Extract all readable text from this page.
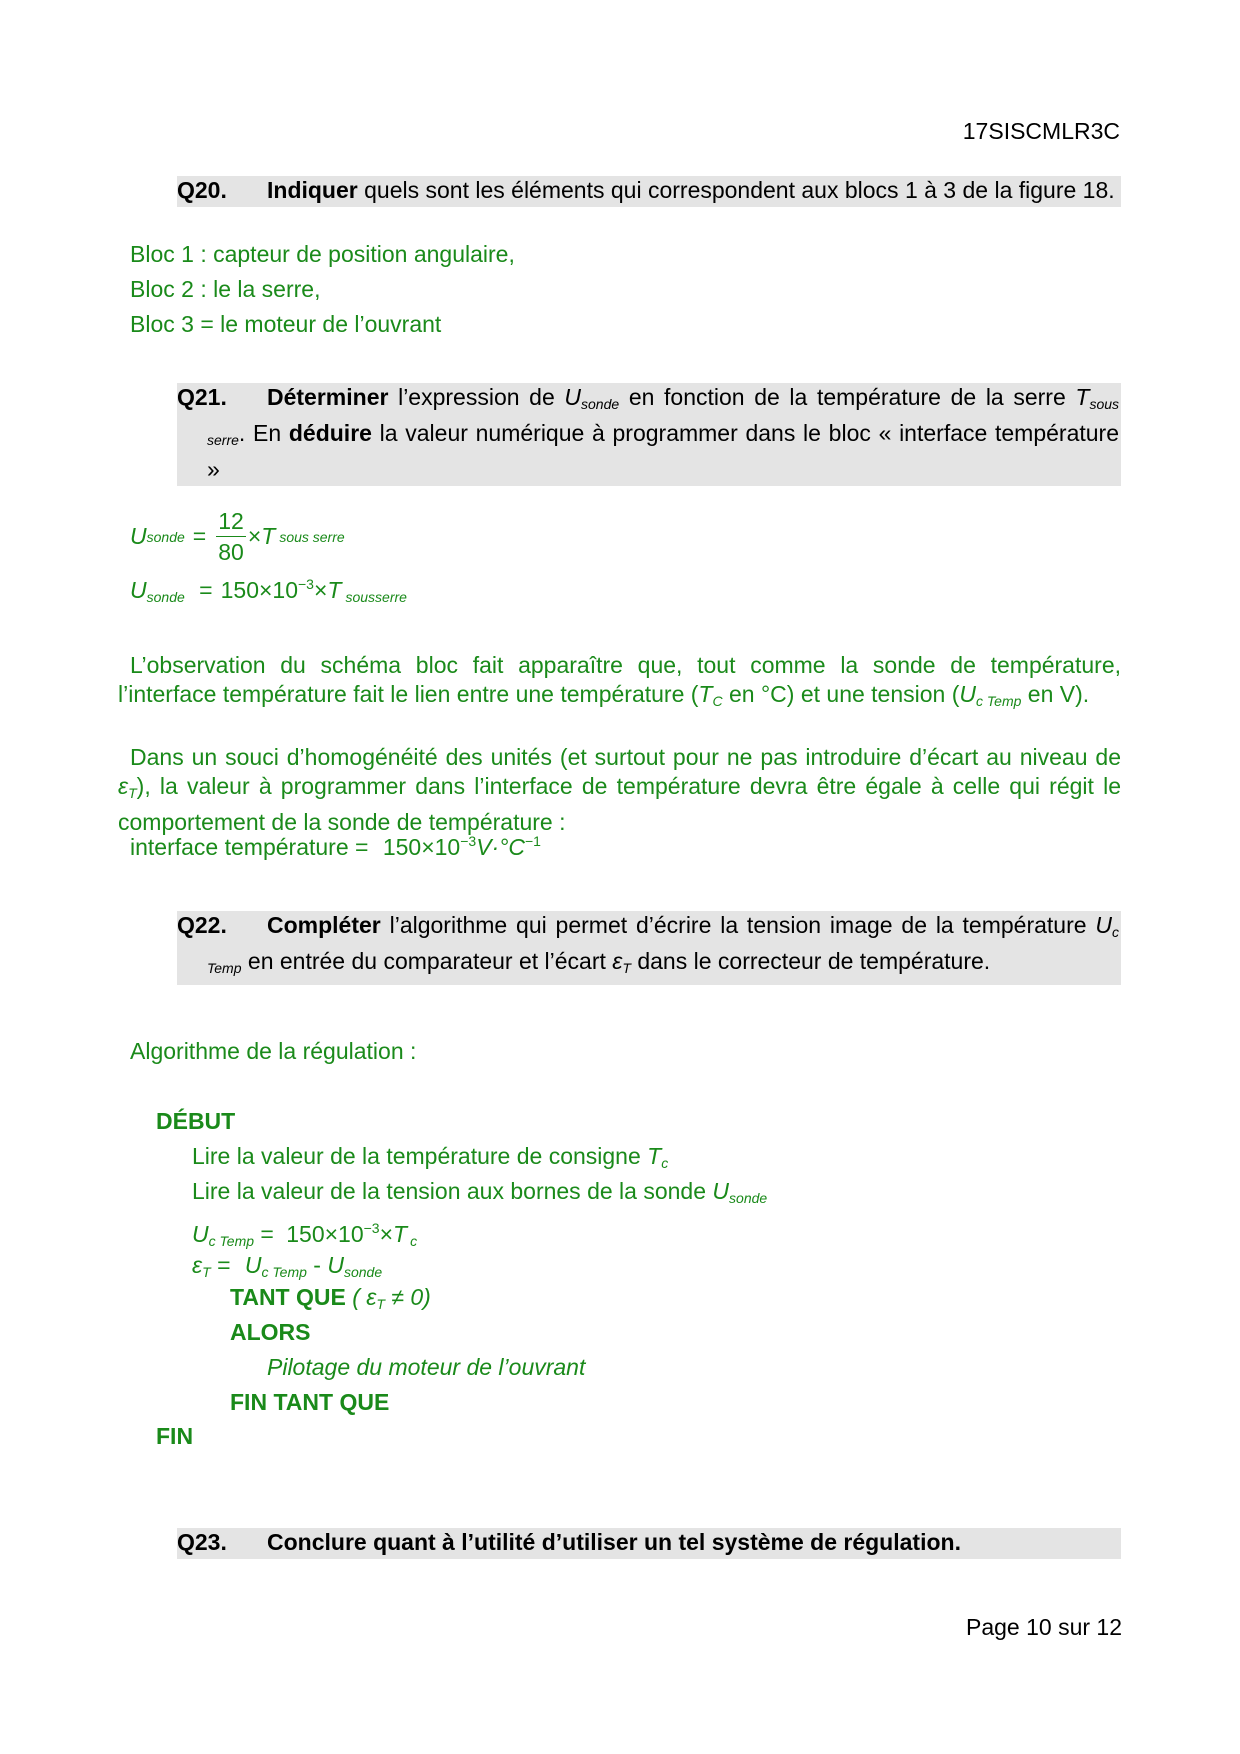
17SISCMLR3C
Q20. Indiquer quels sont les éléments qui correspondent aux blocs 1 à 3 de la figure 18.
Bloc 1 : capteur de position angulaire,
Bloc 2 : le la serre,
Bloc 3 = le moteur de l’ouvrant
Q21. Déterminer l’expression de $U_{sonde}$ en fonction de la température de la serre $T_{sous serre}$. En déduire la valeur numérique à programmer dans le bloc « interface température »
U sonde = $\frac{12}{80} \times T$ sous serre
$U_{sonde} = 150\times 10^{-3}\times T$ $_{sousserre}$
L’observation du schéma bloc fait apparaître que, tout comme la sonde de température, l’interface température fait le lien entre une température ($T_C$ en °C) et une tension ($U_{c Temp}$ en V).
Dans un souci d’homogénéité des unités (et surtout pour ne pas introduire d’écart au niveau de $\varepsilon_T$), la valeur à programmer dans l’interface de température devra être égale à celle qui régit le comportement de la sonde de température :
interface température = $150\times 10^{-3}V\cdot^\circ C^{-1}$
Q22. Compléter l’algorithme qui permet d’écrire la tension image de la température $U_{c Temp}$ en entrée du comparateur et l’écart $\varepsilon_T$ dans le correcteur de température.
Algorithme de la régulation :
DÉBUT
Lire la valeur de la température de consigne $T_c$
Lire la valeur de la tension aux bornes de la sonde $U_{sonde}$
$U_{c Temp} = 150\times 10^{-3}\times T$ $_c$
$\varepsilon_T = U_{c Temp} - U_{sonde}$
TANT QUE ( $\varepsilon_T \ne 0$)
ALORS
Pilotage du moteur de l’ouvrant
FIN TANT QUE
FIN
Q23. Conclure quant à l’utilité d’utiliser un tel système de régulation.
Page 10 sur 12
